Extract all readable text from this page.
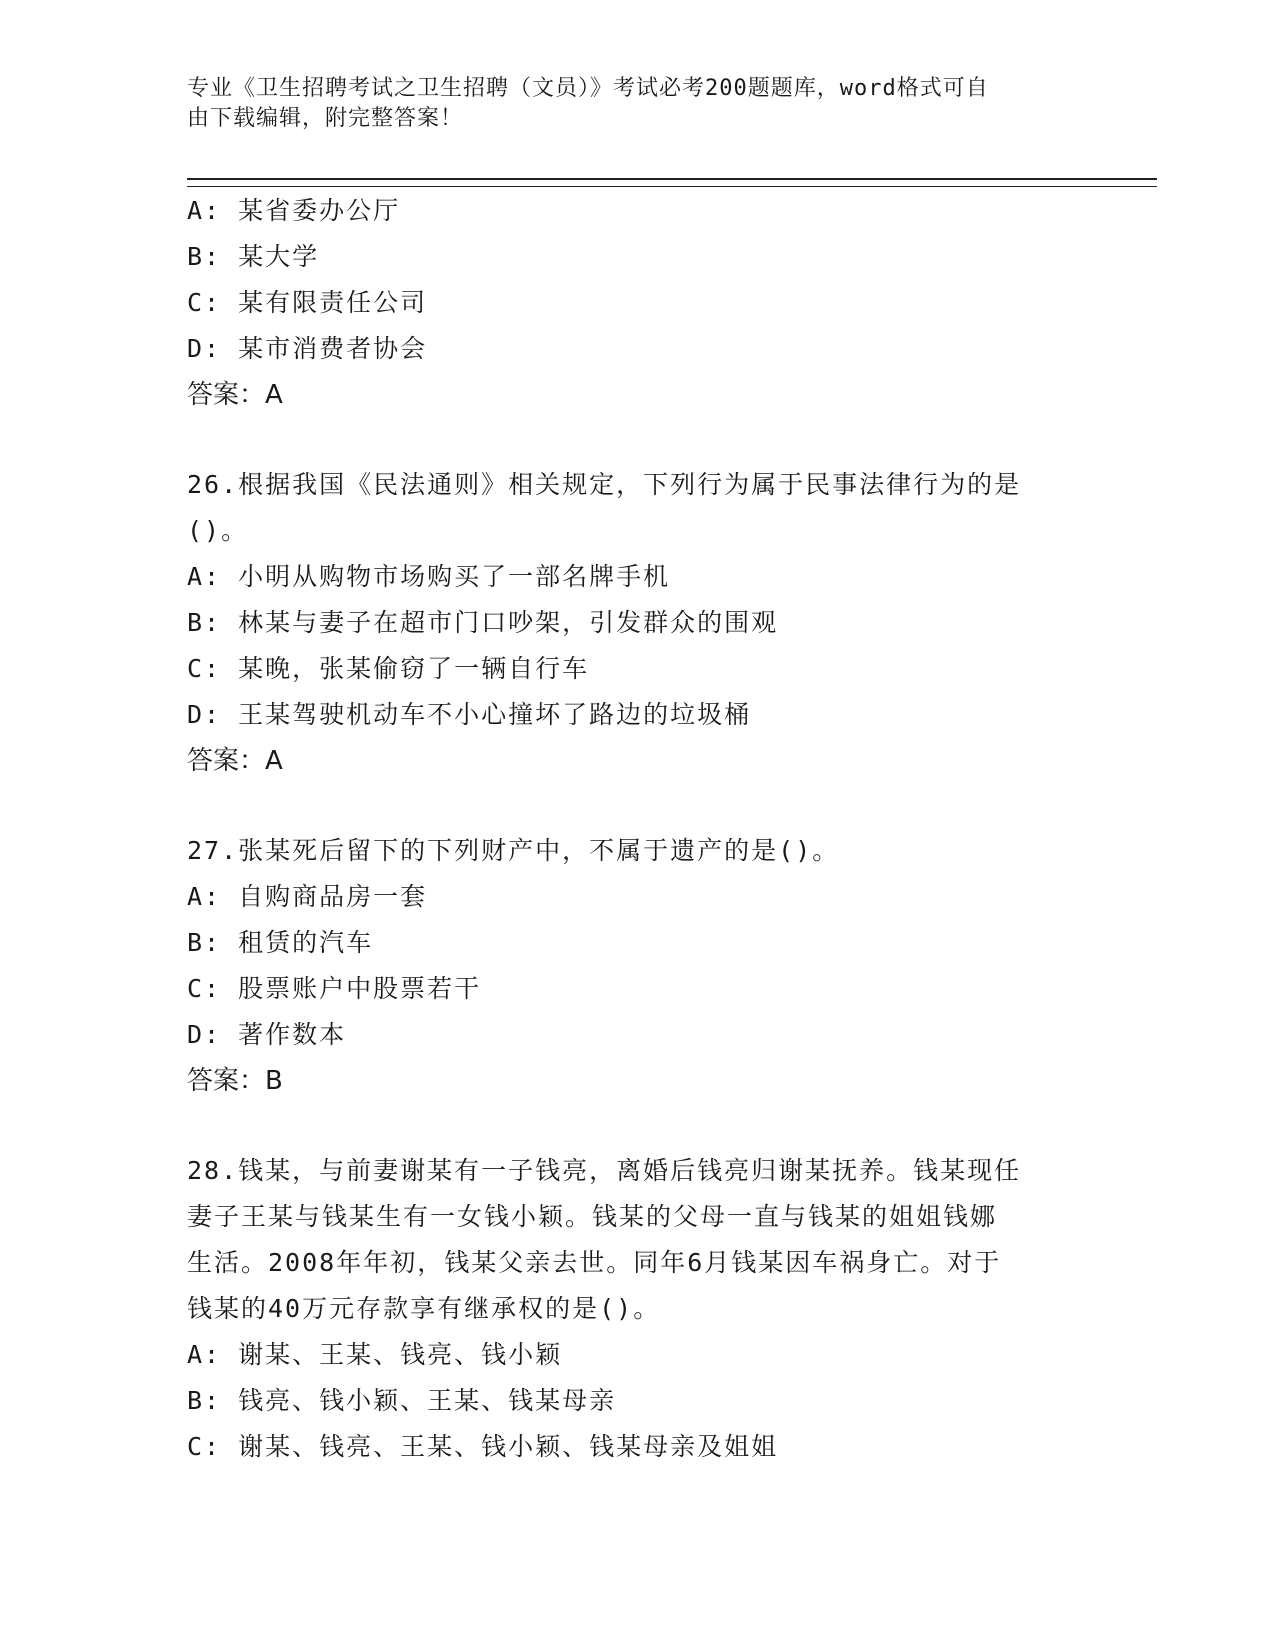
专业《卫生招聘考试之卫生招聘（文员）》考试必考200题题库，word格式可自
由下载编辑，附完整答案！
A: 某省委办公厅
B: 某大学
C: 某有限责任公司
D: 某市消费者协会
答案：A
26.根据我国《民法通则》相关规定，下列行为属于民事法律行为的是
()。
A: 小明从购物市场购买了一部名牌手机
B: 林某与妻子在超市门口吵架，引发群众的围观
C: 某晚，张某偷窃了一辆自行车
D: 王某驾驶机动车不小心撞坏了路边的垃圾桶
答案：A
27.张某死后留下的下列财产中，不属于遗产的是()。
A: 自购商品房一套
B: 租赁的汽车
C: 股票账户中股票若干
D: 著作数本
答案：B
28.钱某，与前妻谢某有一子钱亮，离婚后钱亮归谢某抚养。钱某现任
妻子王某与钱某生有一女钱小颖。钱某的父母一直与钱某的姐姐钱娜
生活。2008年年初，钱某父亲去世。同年6月钱某因车祸身亡。对于
钱某的40万元存款享有继承权的是()。
A: 谢某、王某、钱亮、钱小颖
B: 钱亮、钱小颖、王某、钱某母亲
C: 谢某、钱亮、王某、钱小颖、钱某母亲及姐姐
